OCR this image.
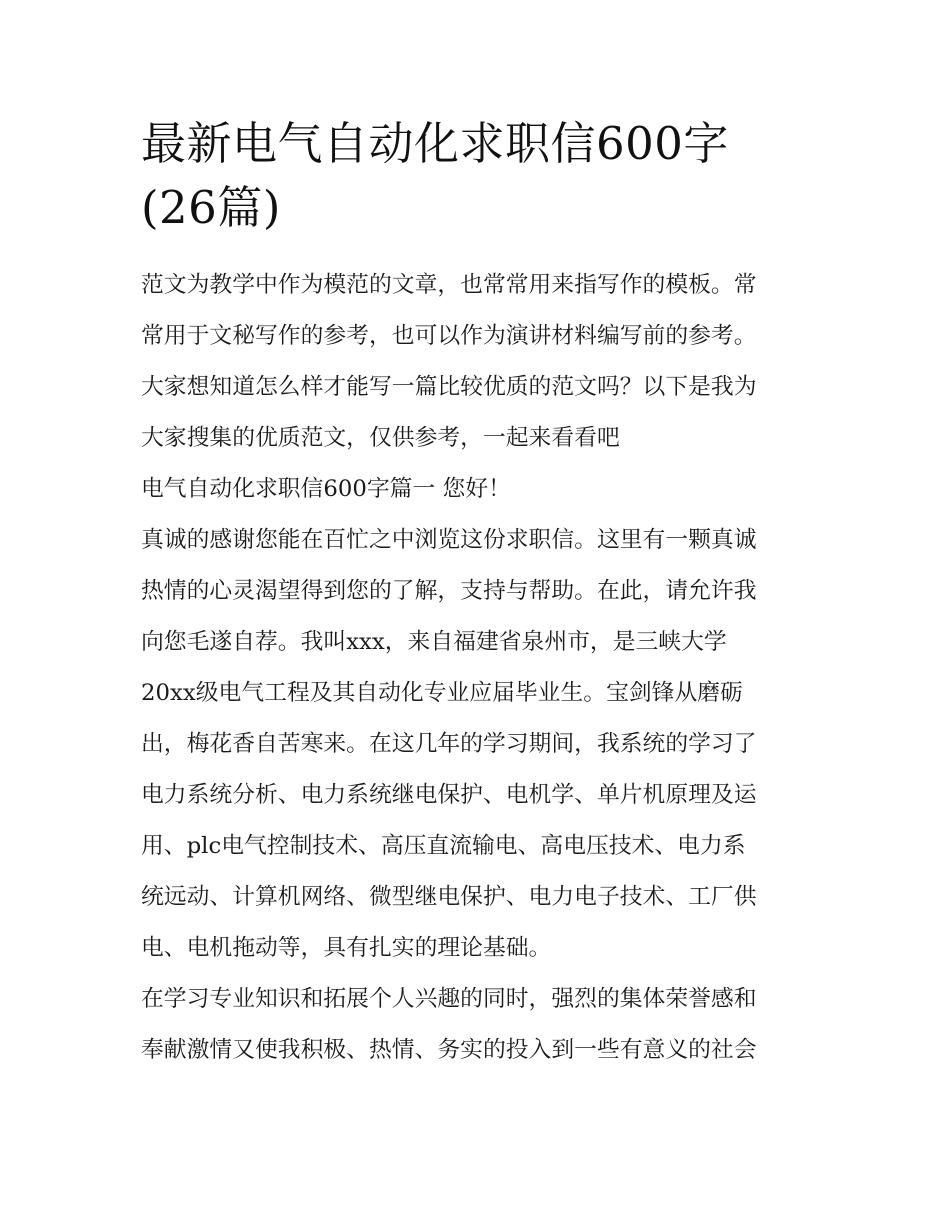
最新电气自动化求职信600字
(26篇)
范文为教学中作为模范的文章，也常常用来指写作的模板。常
常用于文秘写作的参考，也可以作为演讲材料编写前的参考。
大家想知道怎么样才能写一篇比较优质的范文吗？以下是我为
大家搜集的优质范文，仅供参考，一起来看看吧
电气自动化求职信600字篇一 您好！
真诚的感谢您能在百忙之中浏览这份求职信。这里有一颗真诚
热情的心灵渴望得到您的了解，支持与帮助。在此，请允许我
向您毛遂自荐。我叫xxx，来自福建省泉州市，是三峡大学
20xx级电气工程及其自动化专业应届毕业生。宝剑锋从磨砺
出，梅花香自苦寒来。在这几年的学习期间，我系统的学习了
电力系统分析、电力系统继电保护、电机学、单片机原理及运
用、plc电气控制技术、高压直流输电、高电压技术、电力系
统远动、计算机网络、微型继电保护、电力电子技术、工厂供
电、电机拖动等，具有扎实的理论基础。
在学习专业知识和拓展个人兴趣的同时，强烈的集体荣誉感和
奉献激情又使我积极、热情、务实的投入到一些有意义的社会
